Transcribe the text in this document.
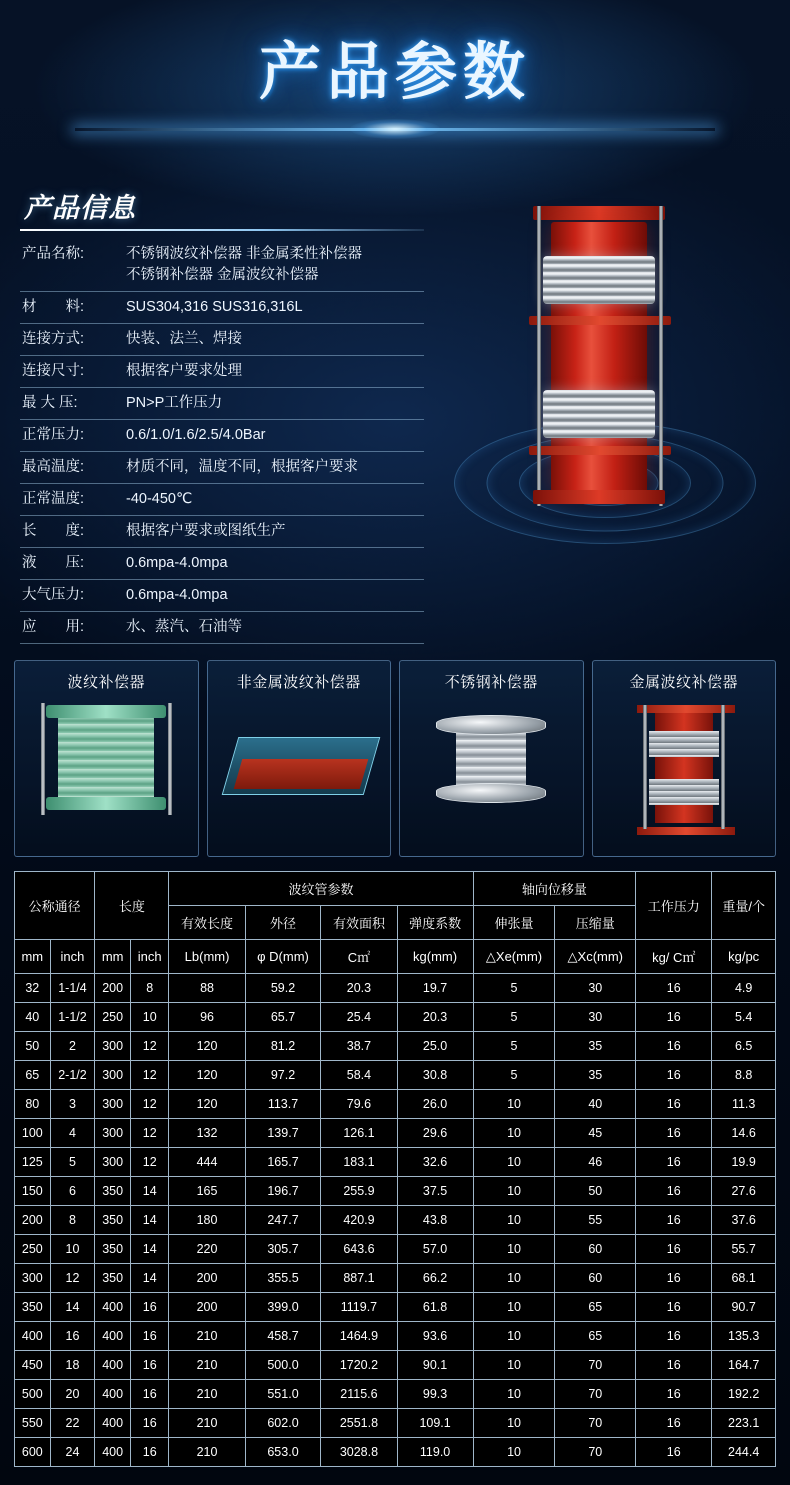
产品参数
产品信息
产品名称:	不锈钢波纹补偿器 非金属柔性补偿器
	不锈钢补偿器 金属波纹补偿器
材　　料:	SUS304,316 SUS316,316L
连接方式:	快装、法兰、焊接
连接尺寸:	根据客户要求处理
最 大 压:	PN>P工作压力
正常压力:	0.6/1.0/1.6/2.5/4.0Bar
最高温度:	材质不同，温度不同，根据客户要求
正常温度:	-40-450℃
长　　度:	根据客户要求或图纸生产
液　　压:	0.6mpa-4.0mpa
大气压力:	0.6mpa-4.0mpa
应　　用:	水、蒸汽、石油等
波纹补偿器	非金属波纹补偿器	不锈钢补偿器	金属波纹补偿器
公称通径		长度		波纹管参数				轴向位移量		工作压力	重量/个
				有效长度	外径	有效面积	弹度系数	伸张量	压缩量		
mm	inch	mm	inch	Lb(mm)	φ D(mm)	C㎡	kg(mm)	△Xe(mm)	△Xc(mm)	kg/ C㎡	kg/pc
32	1-1/4	200	8	88	59.2	20.3	19.7	5	30	16	4.9
40	1-1/2	250	10	96	65.7	25.4	20.3	5	30	16	5.4
50	2	300	12	120	81.2	38.7	25.0	5	35	16	6.5
65	2-1/2	300	12	120	97.2	58.4	30.8	5	35	16	8.8
80	3	300	12	120	113.7	79.6	26.0	10	40	16	11.3
100	4	300	12	132	139.7	126.1	29.6	10	45	16	14.6
125	5	300	12	444	165.7	183.1	32.6	10	46	16	19.9
150	6	350	14	165	196.7	255.9	37.5	10	50	16	27.6
200	8	350	14	180	247.7	420.9	43.8	10	55	16	37.6
250	10	350	14	220	305.7	643.6	57.0	10	60	16	55.7
300	12	350	14	200	355.5	887.1	66.2	10	60	16	68.1
350	14	400	16	200	399.0	1119.7	61.8	10	65	16	90.7
400	16	400	16	210	458.7	1464.9	93.6	10	65	16	135.3
450	18	400	16	210	500.0	1720.2	90.1	10	70	16	164.7
500	20	400	16	210	551.0	2115.6	99.3	10	70	16	192.2
550	22	400	16	210	602.0	2551.8	109.1	10	70	16	223.1
600	24	400	16	210	653.0	3028.8	119.0	10	70	16	244.4
